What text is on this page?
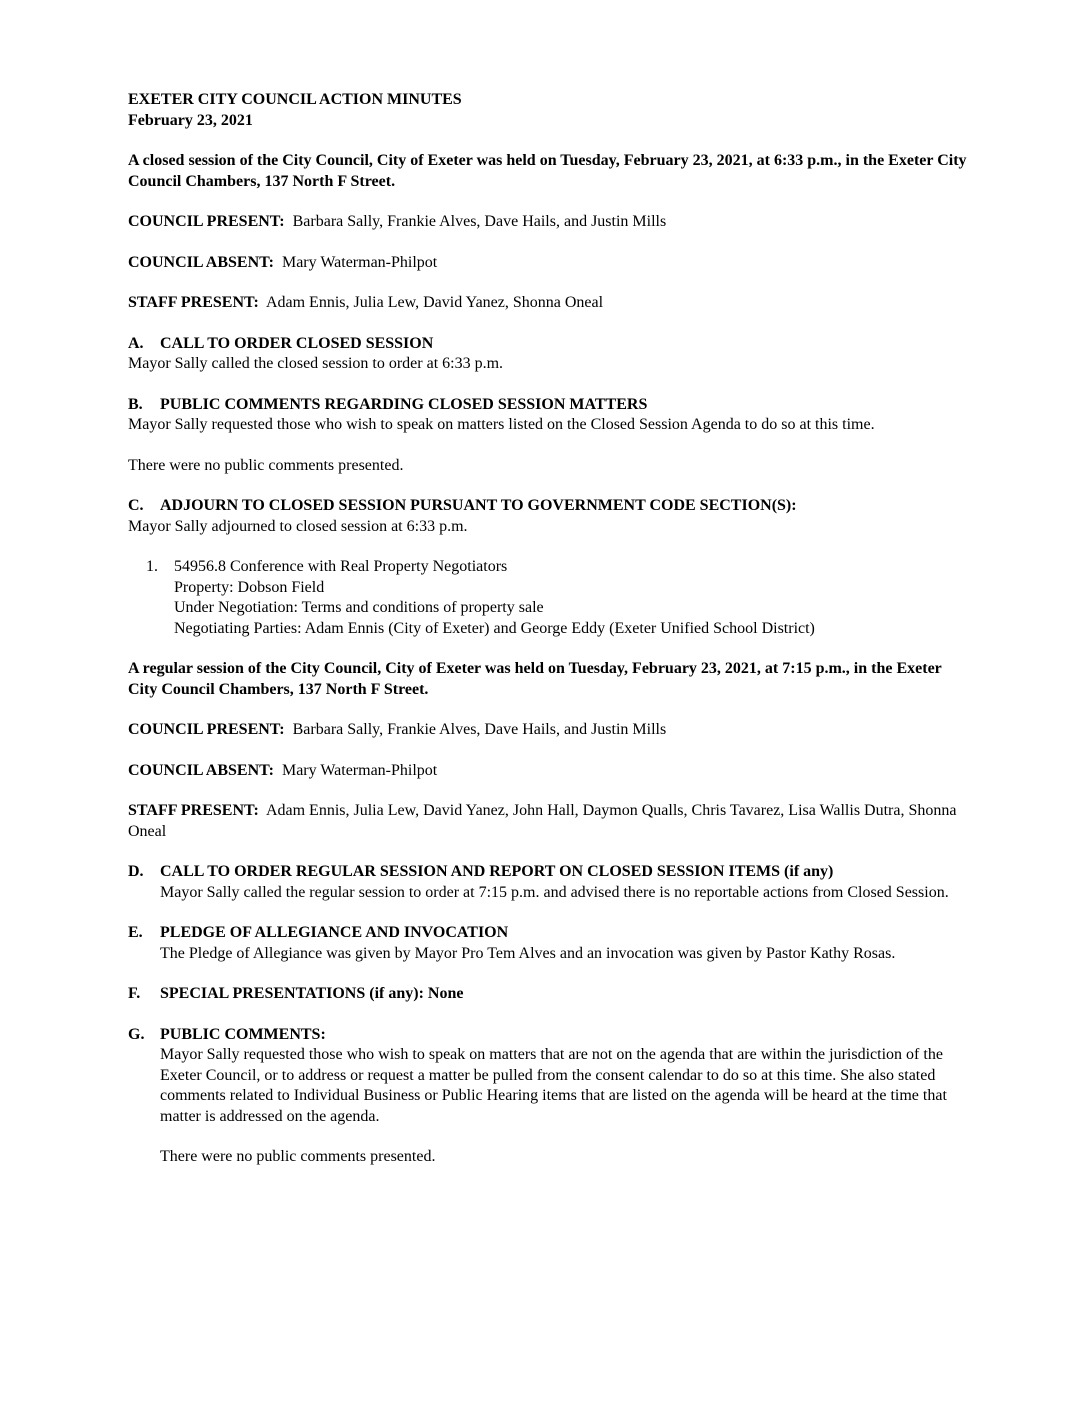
EXETER CITY COUNCIL ACTION MINUTES

February 23, 2021

A closed session of the City Council, City of Exeter was held on Tuesday, February 23, 2021, at 6:33 p.m., in the Exeter City Council Chambers, 137 North F Street.

COUNCIL PRESENT: Barbara Sally, Frankie Alves, Dave Hails, and Justin Mills

COUNCIL ABSENT: Mary Waterman-Philpot

STAFF PRESENT: Adam Ennis, Julia Lew, David Yanez, Shonna Oneal

A. CALL TO ORDER CLOSED SESSION

Mayor Sally called the closed session to order at 6:33 p.m.

B. PUBLIC COMMENTS REGARDING CLOSED SESSION MATTERS

Mayor Sally requested those who wish to speak on matters listed on the Closed Session Agenda to do so at this time.

There were no public comments presented.

C. ADJOURN TO CLOSED SESSION PURSUANT TO GOVERNMENT CODE SECTION(S):

Mayor Sally adjourned to closed session at 6:33 p.m.

1.	54956.8 Conference with Real Property Negotiators

Property: Dobson Field

Under Negotiation: Terms and conditions of property sale

Negotiating Parties: Adam Ennis (City of Exeter) and George Eddy (Exeter Unified School District)

A regular session of the City Council, City of Exeter was held on Tuesday, February 23, 2021, at 7:15 p.m., in the Exeter City Council Chambers, 137 North F Street.

COUNCIL PRESENT: Barbara Sally, Frankie Alves, Dave Hails, and Justin Mills

COUNCIL ABSENT: Mary Waterman-Philpot

STAFF PRESENT: Adam Ennis, Julia Lew, David Yanez, John Hall, Daymon Qualls, Chris Tavarez, Lisa Wallis Dutra, Shonna Oneal

D. CALL TO ORDER REGULAR SESSION AND REPORT ON CLOSED SESSION ITEMS (if any)

Mayor Sally called the regular session to order at 7:15 p.m. and advised there is no reportable actions from Closed Session.

E. PLEDGE OF ALLEGIANCE AND INVOCATION

The Pledge of Allegiance was given by Mayor Pro Tem Alves and an invocation was given by Pastor Kathy Rosas.

F. SPECIAL PRESENTATIONS (if any): None

G. PUBLIC COMMENTS:

Mayor Sally requested those who wish to speak on matters that are not on the agenda that are within the jurisdiction of the Exeter Council, or to address or request a matter be pulled from the consent calendar to do so at this time. She also stated comments related to Individual Business or Public Hearing items that are listed on the agenda will be heard at the time that matter is addressed on the agenda.

There were no public comments presented.
